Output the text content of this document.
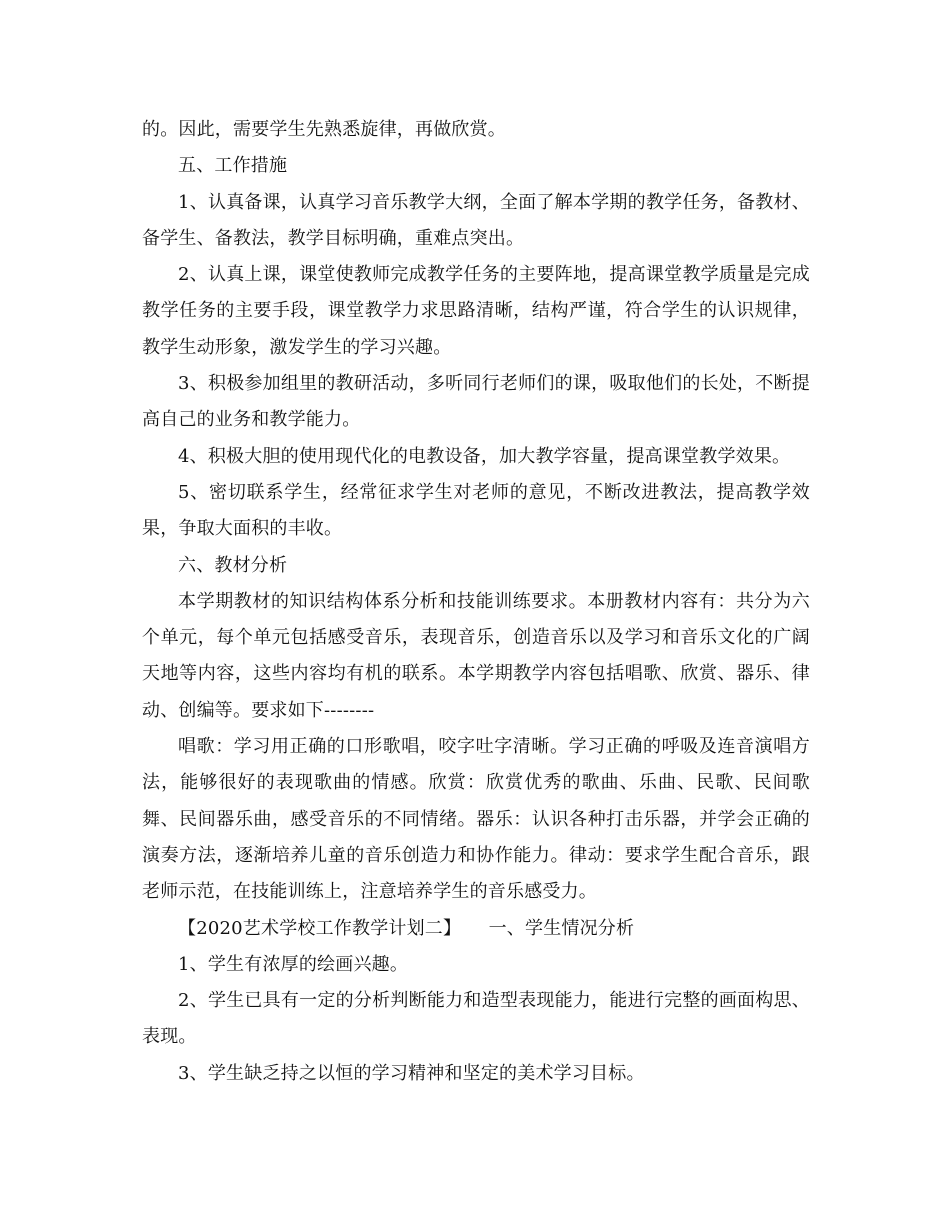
的。因此，需要学生先熟悉旋律，再做欣赏。

五、工作措施

1、认真备课，认真学习音乐教学大纲，全面了解本学期的教学任务，备教材、备学生、备教法，教学目标明确，重难点突出。

2、认真上课，课堂使教师完成教学任务的主要阵地，提高课堂教学质量是完成教学任务的主要手段，课堂教学力求思路清晰，结构严谨，符合学生的认识规律，教学生动形象，激发学生的学习兴趣。

3、积极参加组里的教研活动，多听同行老师们的课，吸取他们的长处，不断提高自己的业务和教学能力。

4、积极大胆的使用现代化的电教设备，加大教学容量，提高课堂教学效果。

5、密切联系学生，经常征求学生对老师的意见，不断改进教法，提高教学效果，争取大面积的丰收。

六、教材分析

本学期教材的知识结构体系分析和技能训练要求。本册教材内容有：共分为六个单元，每个单元包括感受音乐，表现音乐，创造音乐以及学习和音乐文化的广阔天地等内容，这些内容均有机的联系。本学期教学内容包括唱歌、欣赏、器乐、律动、创编等。要求如下--------

唱歌：学习用正确的口形歌唱，咬字吐字清晰。学习正确的呼吸及连音演唱方法，能够很好的表现歌曲的情感。欣赏：欣赏优秀的歌曲、乐曲、民歌、民间歌舞、民间器乐曲，感受音乐的不同情绪。器乐：认识各种打击乐器，并学会正确的演奏方法，逐渐培养儿童的音乐创造力和协作能力。律动：要求学生配合音乐，跟老师示范，在技能训练上，注意培养学生的音乐感受力。

【2020艺术学校工作教学计划二】　　一、学生情况分析

1、学生有浓厚的绘画兴趣。

2、学生已具有一定的分析判断能力和造型表现能力，能进行完整的画面构思、表现。

3、学生缺乏持之以恒的学习精神和坚定的美术学习目标。
